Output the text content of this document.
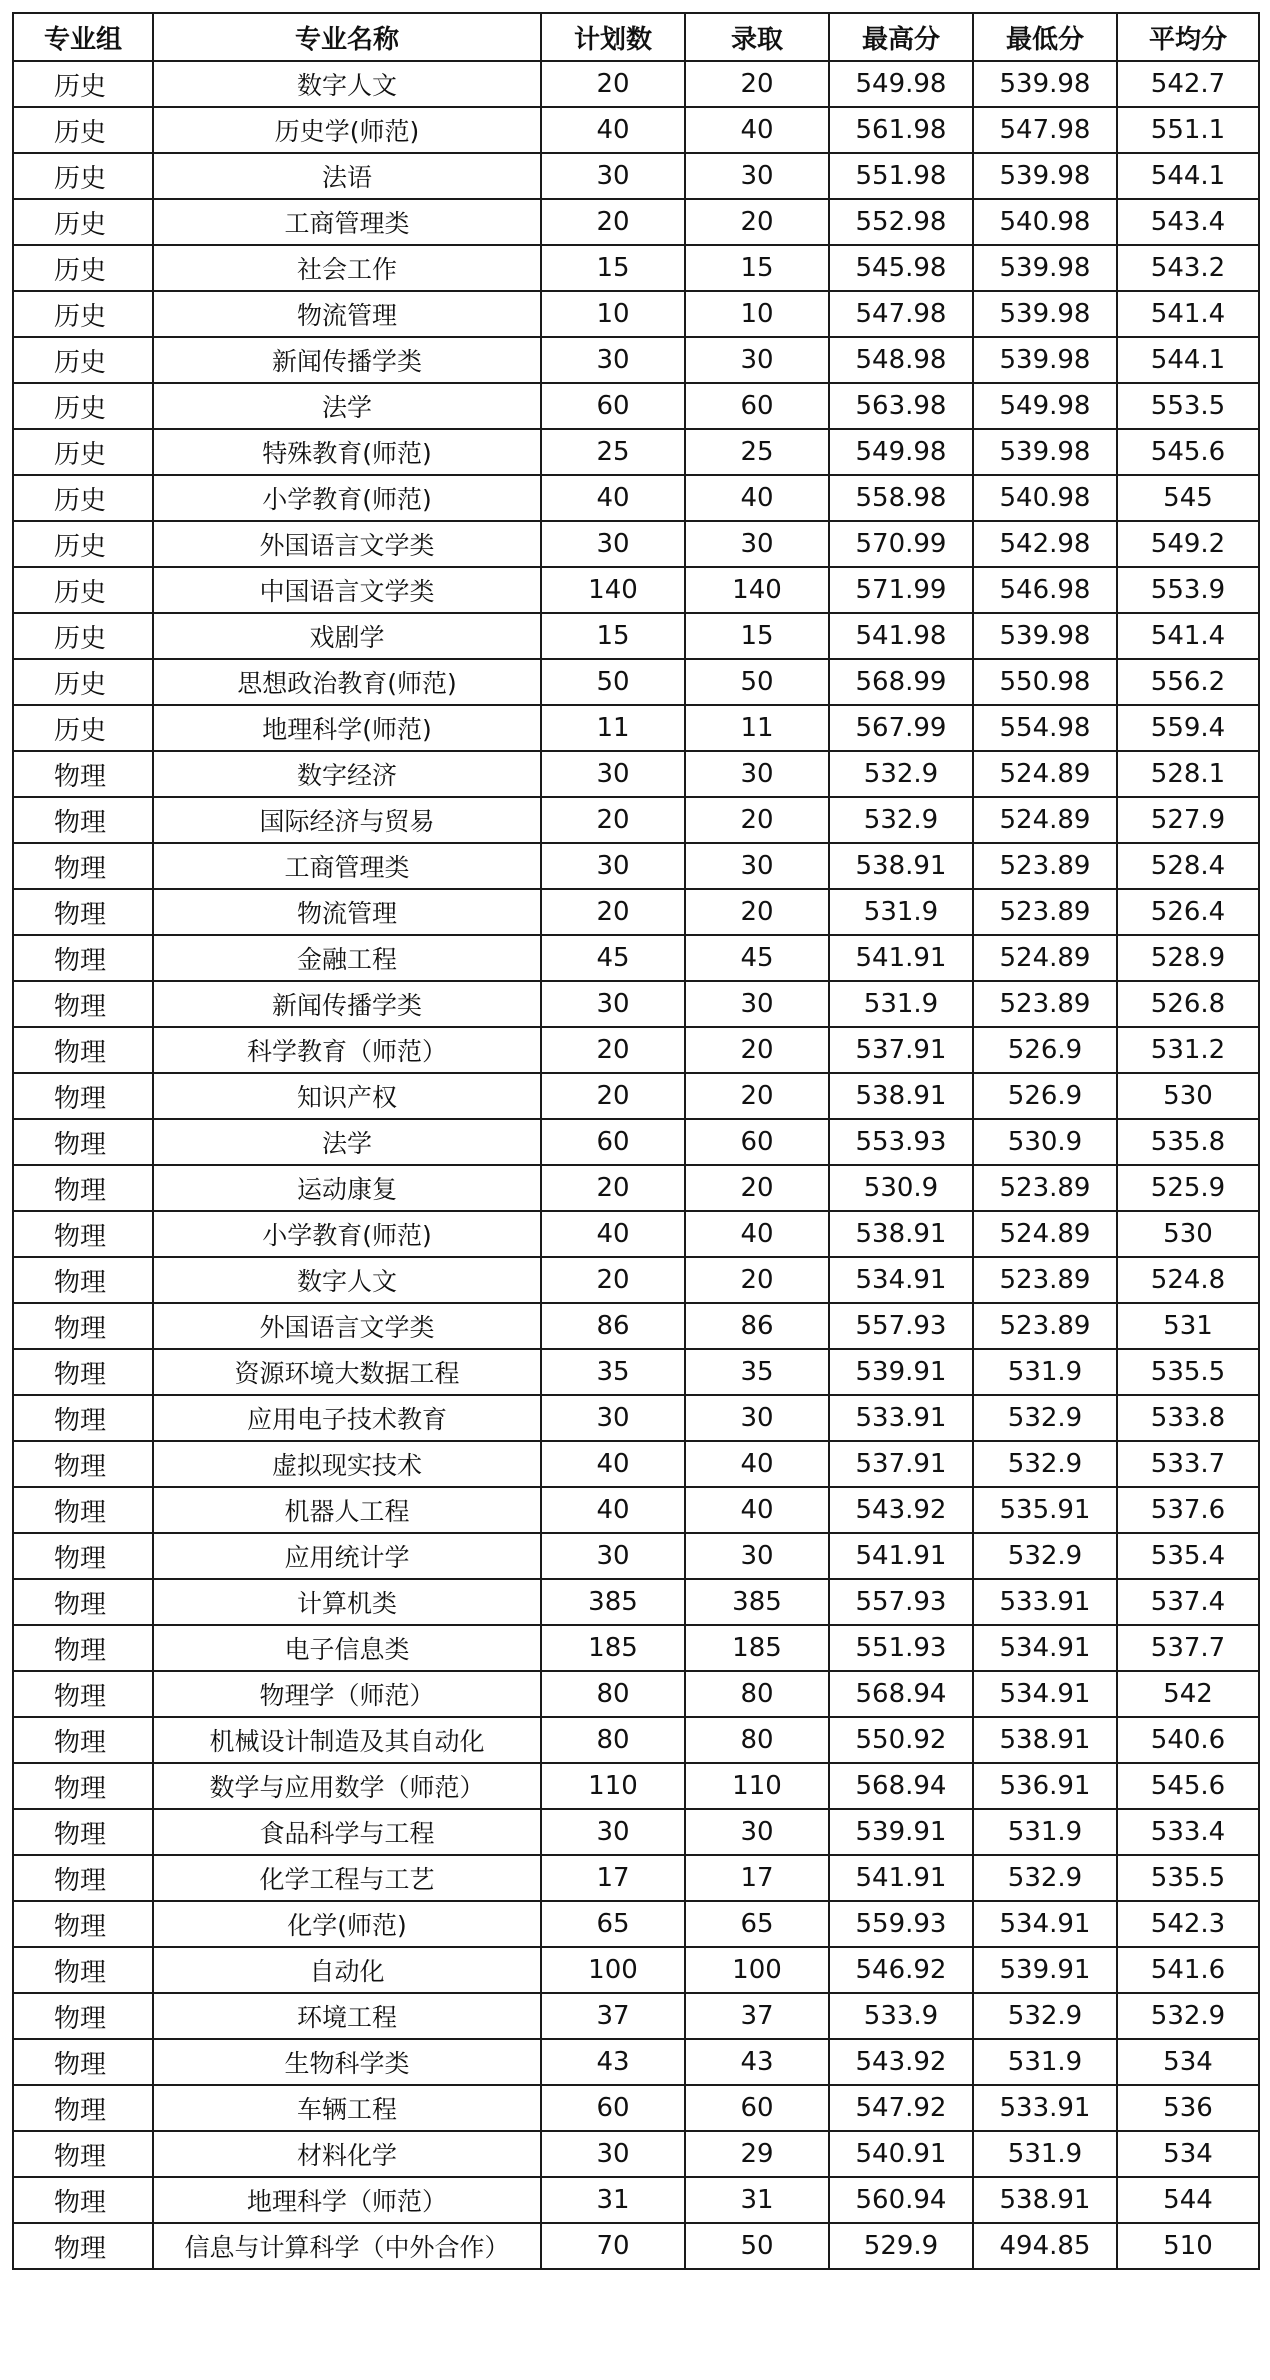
专业组	专业名称	计划数	录取	最高分	最低分	平均分
历史	数字人文	20	20	549.98	539.98	542.7
历史	历史学(师范)	40	40	561.98	547.98	551.1
历史	法语	30	30	551.98	539.98	544.1
历史	工商管理类	20	20	552.98	540.98	543.4
历史	社会工作	15	15	545.98	539.98	543.2
历史	物流管理	10	10	547.98	539.98	541.4
历史	新闻传播学类	30	30	548.98	539.98	544.1
历史	法学	60	60	563.98	549.98	553.5
历史	特殊教育(师范)	25	25	549.98	539.98	545.6
历史	小学教育(师范)	40	40	558.98	540.98	545
历史	外国语言文学类	30	30	570.99	542.98	549.2
历史	中国语言文学类	140	140	571.99	546.98	553.9
历史	戏剧学	15	15	541.98	539.98	541.4
历史	思想政治教育(师范)	50	50	568.99	550.98	556.2
历史	地理科学(师范)	11	11	567.99	554.98	559.4
物理	数字经济	30	30	532.9	524.89	528.1
物理	国际经济与贸易	20	20	532.9	524.89	527.9
物理	工商管理类	30	30	538.91	523.89	528.4
物理	物流管理	20	20	531.9	523.89	526.4
物理	金融工程	45	45	541.91	524.89	528.9
物理	新闻传播学类	30	30	531.9	523.89	526.8
物理	科学教育（师范）	20	20	537.91	526.9	531.2
物理	知识产权	20	20	538.91	526.9	530
物理	法学	60	60	553.93	530.9	535.8
物理	运动康复	20	20	530.9	523.89	525.9
物理	小学教育(师范)	40	40	538.91	524.89	530
物理	数字人文	20	20	534.91	523.89	524.8
物理	外国语言文学类	86	86	557.93	523.89	531
物理	资源环境大数据工程	35	35	539.91	531.9	535.5
物理	应用电子技术教育	30	30	533.91	532.9	533.8
物理	虚拟现实技术	40	40	537.91	532.9	533.7
物理	机器人工程	40	40	543.92	535.91	537.6
物理	应用统计学	30	30	541.91	532.9	535.4
物理	计算机类	385	385	557.93	533.91	537.4
物理	电子信息类	185	185	551.93	534.91	537.7
物理	物理学（师范）	80	80	568.94	534.91	542
物理	机械设计制造及其自动化	80	80	550.92	538.91	540.6
物理	数学与应用数学（师范）	110	110	568.94	536.91	545.6
物理	食品科学与工程	30	30	539.91	531.9	533.4
物理	化学工程与工艺	17	17	541.91	532.9	535.5
物理	化学(师范)	65	65	559.93	534.91	542.3
物理	自动化	100	100	546.92	539.91	541.6
物理	环境工程	37	37	533.9	532.9	532.9
物理	生物科学类	43	43	543.92	531.9	534
物理	车辆工程	60	60	547.92	533.91	536
物理	材料化学	30	29	540.91	531.9	534
物理	地理科学（师范）	31	31	560.94	538.91	544
物理	信息与计算科学（中外合作）	70	50	529.9	494.85	510
